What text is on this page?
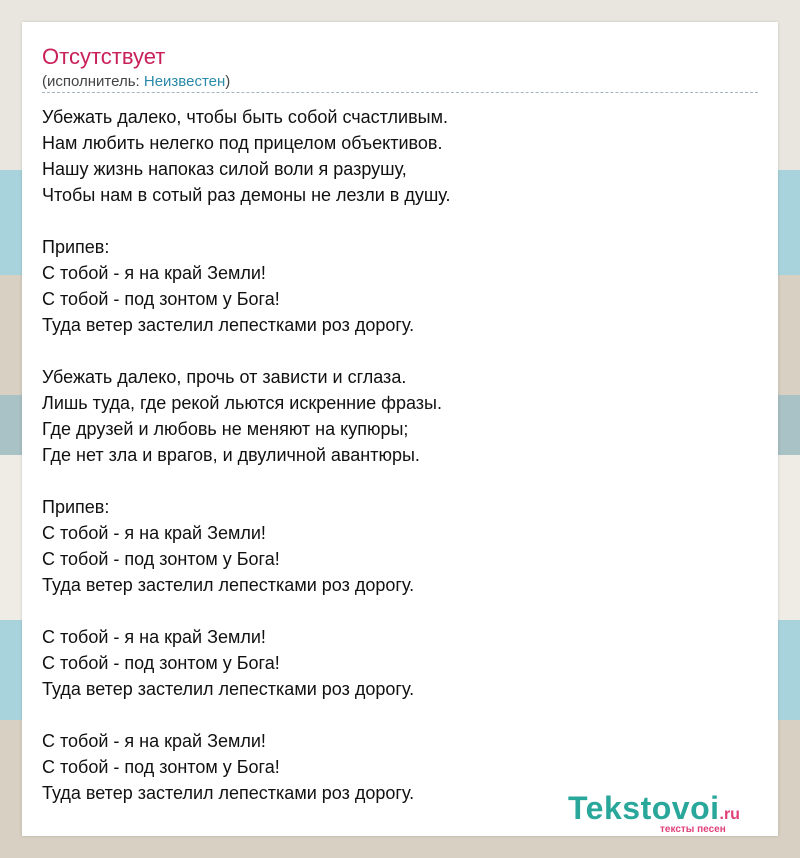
Отсутствует
(исполнитель: Неизвестен)
Убежать далеко, чтобы быть собой счастливым.
Нам любить нелегко под прицелом объективов.
Нашу жизнь напоказ силой воли я разрушу,
Чтобы нам в сотый раз демоны не лезли в душу.
Припев:
С тобой - я на край Земли!
С тобой - под зонтом у Бога!
Туда ветер застелил лепестками роз дорогу.
Убежать далеко, прочь от зависти и сглаза.
Лишь туда, где рекой льются искренние фразы.
Где друзей и любовь не меняют на купюры;
Где нет зла и врагов, и двуличной авантюры.
Припев:
С тобой - я на край Земли!
С тобой - под зонтом у Бога!
Туда ветер застелил лепестками роз дорогу.
С тобой - я на край Земли!
С тобой - под зонтом у Бога!
Туда ветер застелил лепестками роз дорогу.
С тобой - я на край Земли!
С тобой - под зонтом у Бога!
Туда ветер застелил лепестками роз дорогу.	Tekstovoi.ru
тексты песен
